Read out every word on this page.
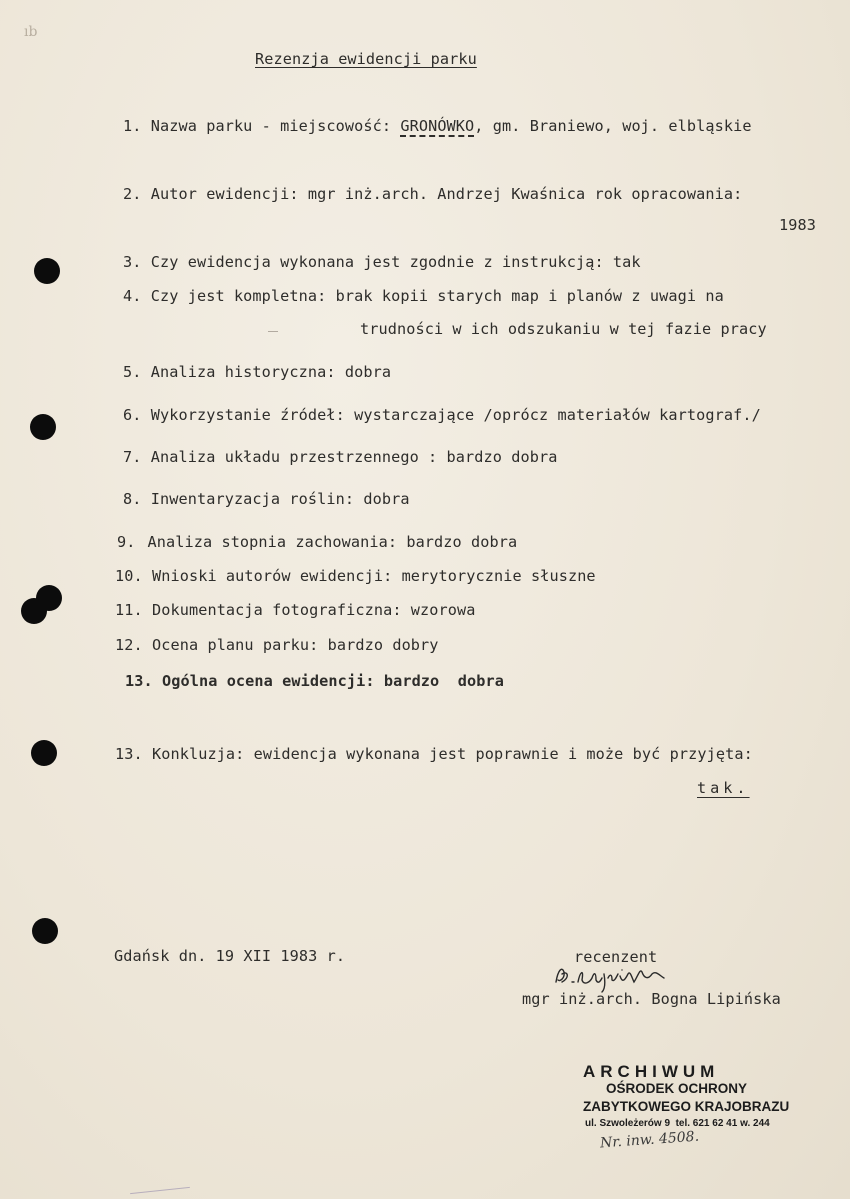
ıb
Rezenzja ewidencji parku
1. Nazwa parku - miejscowość: GRONÓWKO, gm. Braniewo, woj. elbląskie
2. Autor ewidencji: mgr inż.arch. Andrzej Kwaśnica rok opracowania:
1983
3. Czy ewidencja wykonana jest zgodnie z instrukcją: tak
4. Czy jest kompletna: brak kopii starych map i planów z uwagi na
trudności w ich odszukaniu w tej fazie pracy
5. Analiza historyczna: dobra
6. Wykorzystanie źródeł: wystarczające /oprócz materiałów kartograf./
7. Analiza układu przestrzennego : bardzo dobra
8. Inwentaryzacja roślin: dobra
9. Analiza stopnia zachowania: bardzo dobra
10. Wnioski autorów ewidencji: merytorycznie słuszne
11. Dokumentacja fotograficzna: wzorowa
12. Ocena planu parku: bardzo dobry
13. Ogólna ocena ewidencji: bardzo  dobra
13. Konkluzja: ewidencja wykonana jest poprawnie i może być przyjęta:
tak.
Gdańsk dn. 19 XII 1983 r.	recenzent
mgr inż.arch. Bogna Lipińska
ARCHIWUM
OŚRODEK OCHRONY
ZABYTKOWEGO KRAJOBRAZU
ul. Szwoleżerów 9  tel. 621 62 41 w. 244
Nr. inw. 4508.
